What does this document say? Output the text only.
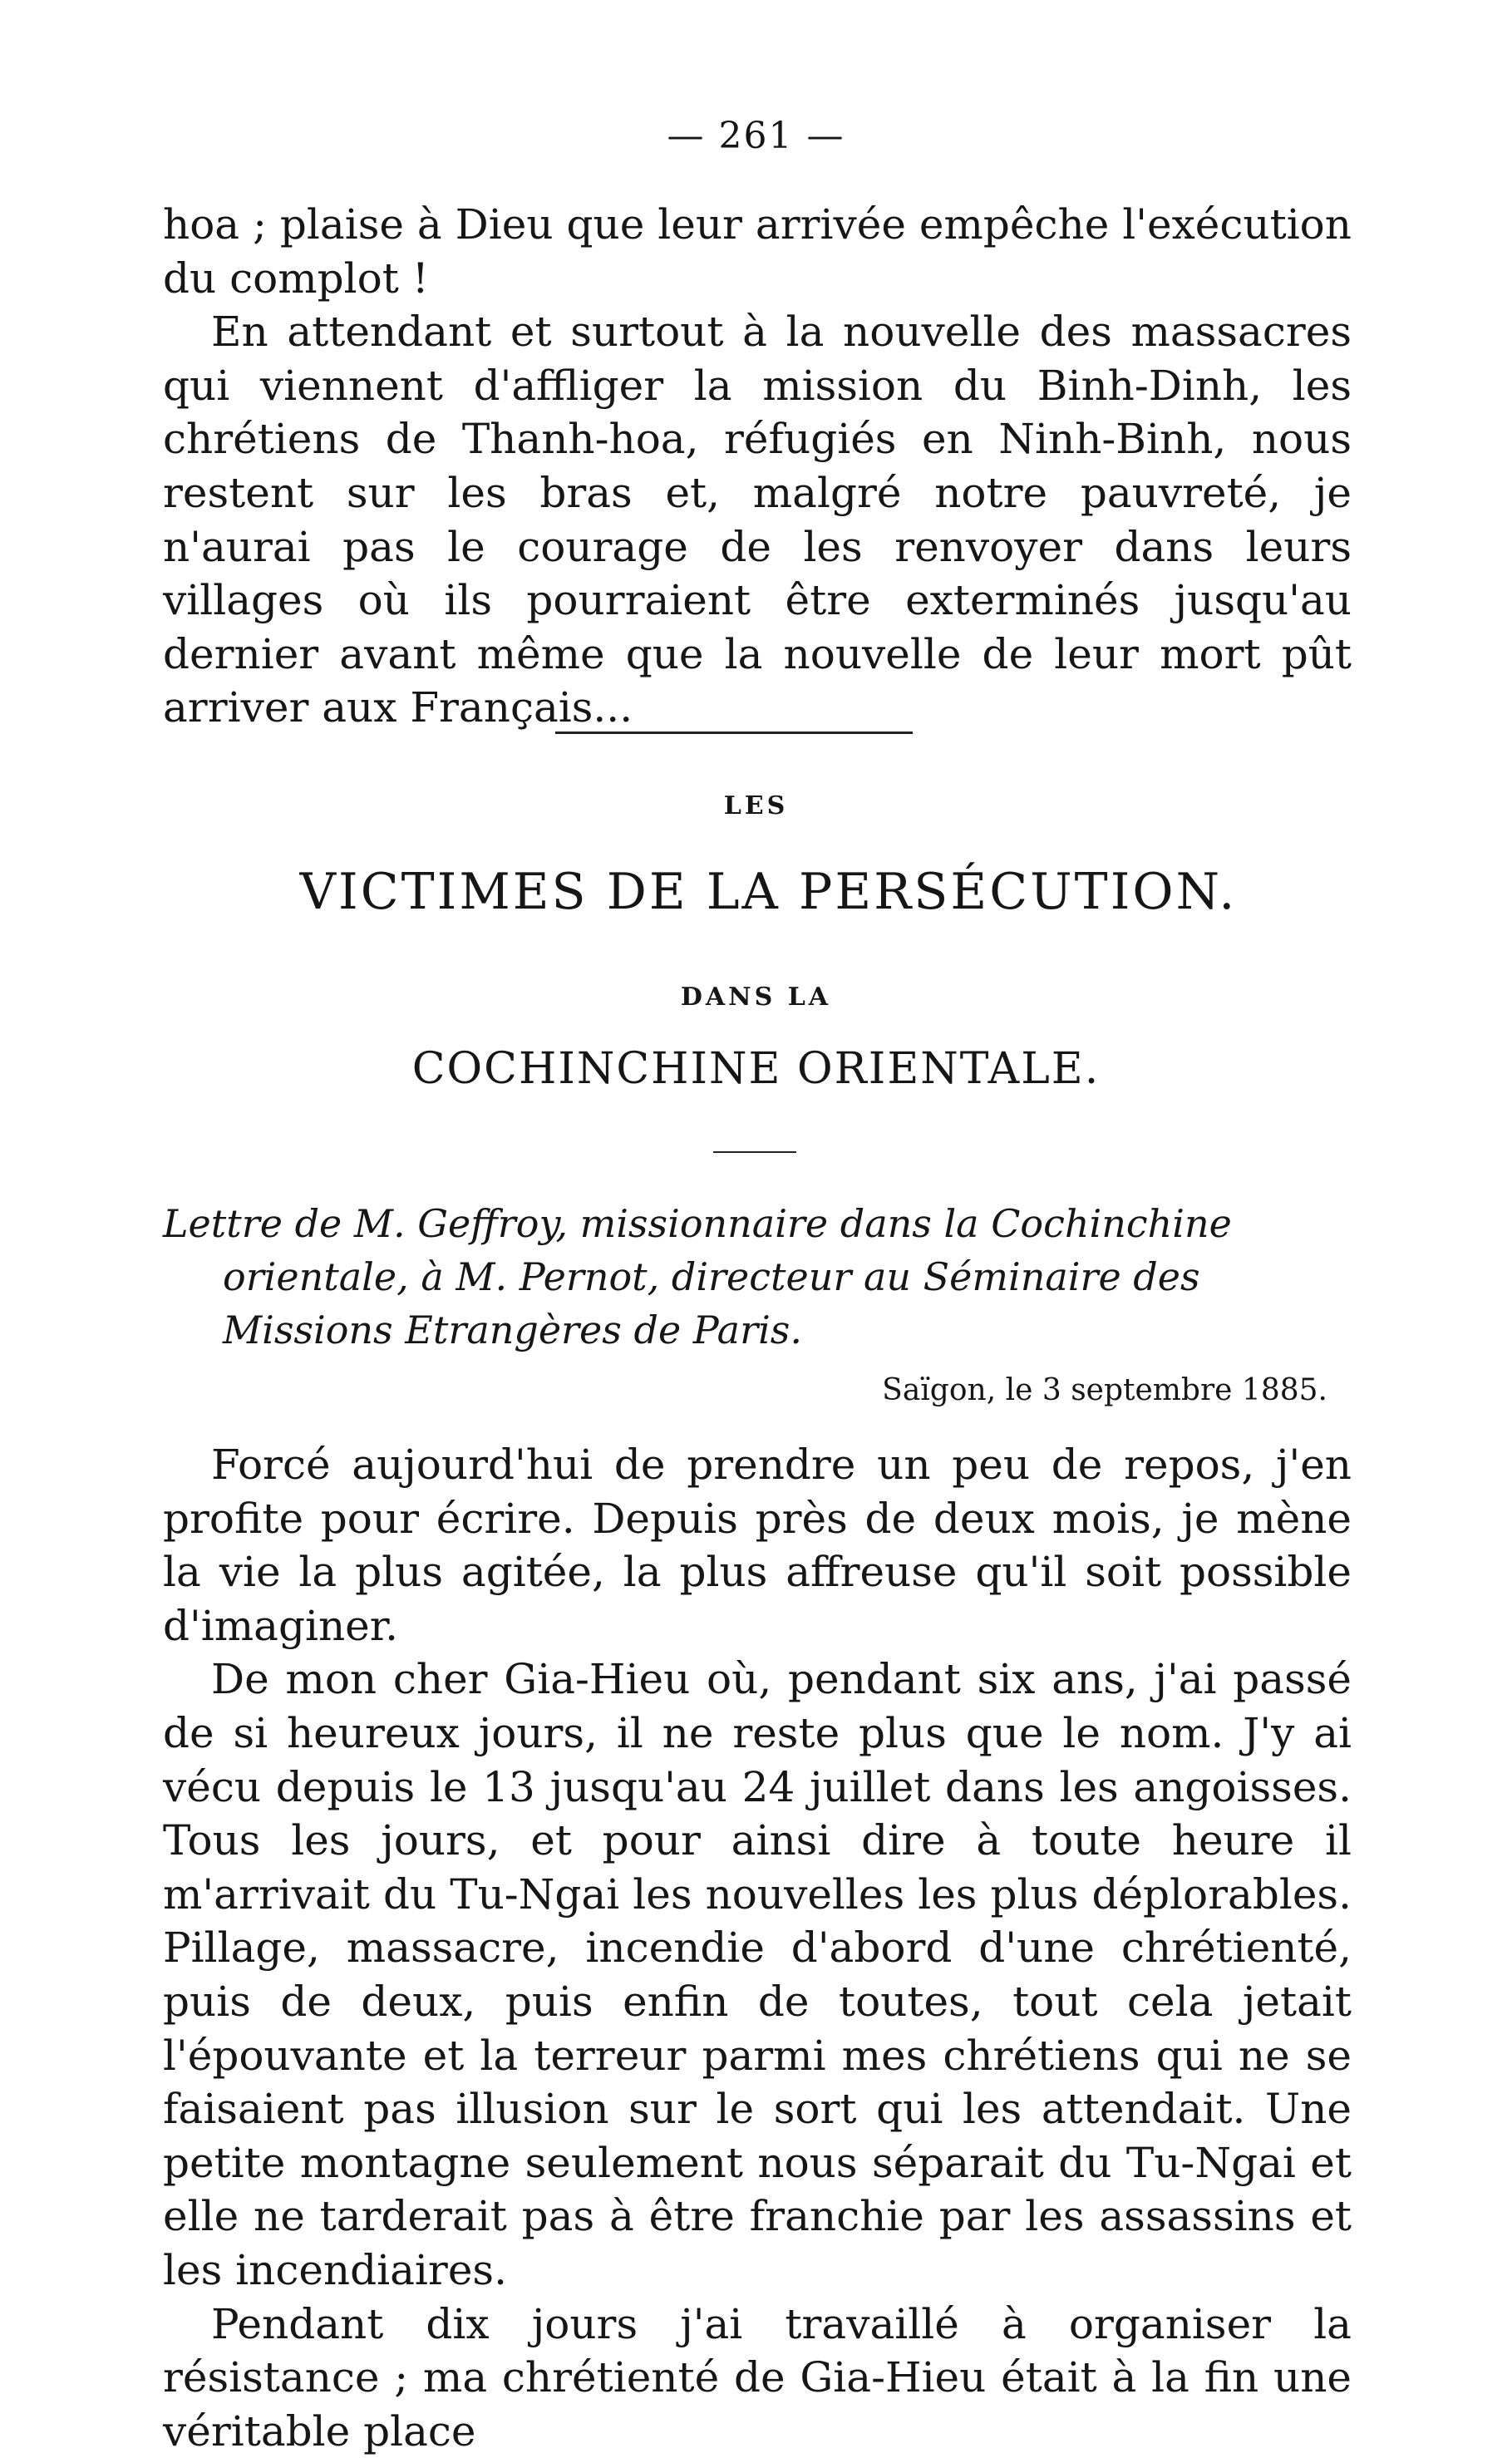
— 261 —

hoa ; plaise à Dieu que leur arrivée empêche l'exécution du complot !

En attendant et surtout à la nouvelle des massacres qui viennent d'affliger la mission du Binh-Dinh, les chrétiens de Thanh-hoa, réfugiés en Ninh-Binh, nous restent sur les bras et, malgré notre pauvreté, je n'aurai pas le courage de les renvoyer dans leurs villages où ils pourraient être exterminés jusqu'au dernier avant même que la nouvelle de leur mort pût arriver aux Français...

LES
VICTIMES DE LA PERSÉCUTION.
DANS LA
COCHINCHINE ORIENTALE.

Lettre de M. Geffroy, missionnaire dans la Cochinchine orientale, à M. Pernot, directeur au Séminaire des Missions Etrangères de Paris.

Saïgon, le 3 septembre 1885.

Forcé aujourd'hui de prendre un peu de repos, j'en profite pour écrire. Depuis près de deux mois, je mène la vie la plus agitée, la plus affreuse qu'il soit possible d'imaginer.

De mon cher Gia-Hieu où, pendant six ans, j'ai passé de si heureux jours, il ne reste plus que le nom. J'y ai vécu depuis le 13 jusqu'au 24 juillet dans les angoisses. Tous les jours, et pour ainsi dire à toute heure il m'arrivait du Tu-Ngai les nouvelles les plus déplorables. Pillage, massacre, incendie d'abord d'une chrétienté, puis de deux, puis enfin de toutes, tout cela jetait l'épouvante et la terreur parmi mes chrétiens qui ne se faisaient pas illusion sur le sort qui les attendait. Une petite montagne seulement nous séparait du Tu-Ngai et elle ne tarderait pas à être franchie par les assassins et les incendiaires.

Pendant dix jours j'ai travaillé à organiser la résistance ; ma chrétienté de Gia-Hieu était à la fin une véritable place
